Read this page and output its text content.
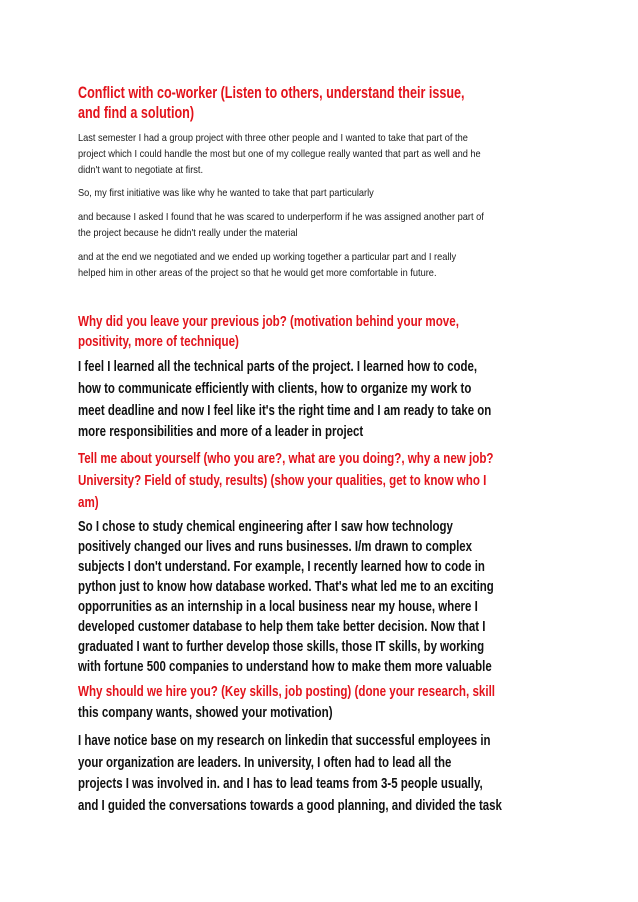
Conflict with co-worker (Listen to others, understand their issue,
and find a solution)
Last semester I had a group project with three other people and I wanted to take that part of the
project which I could handle the most but one of my collegue really wanted that part as well and he
didn't want to negotiate at first.
So, my first initiative was like why he wanted to take that part particularly
and because I asked I found that he was scared to underperform if he was assigned another part of
the project because he didn't really under the material
and at the end we negotiated and we ended up working together a particular part and I really
helped him in other areas of the project so that he would get more comfortable in future.
Why did you leave your previous job? (motivation behind your move,
positivity, more of technique)
I feel I learned all the technical parts of the project. I learned how to code,
how to communicate efficiently with clients, how to organize my work to
meet deadline and now I feel like it's the right time and I am ready to take on
more responsibilities and more of a leader in project
Tell me about yourself (who you are?, what are you doing?, why a new job?
University? Field of study, results) (show your qualities, get to know who I
am)
So I chose to study chemical engineering after I saw how technology
positively changed our lives and runs businesses. I/m drawn to complex
subjects I don't understand. For example, I recently learned how to code in
python just to know how database worked. That's what led me to an exciting
opporrunities as an internship in a local business near my house, where I
developed customer database to help them take better decision. Now that I
graduated I want to further develop those skills, those IT skills, by working
with fortune 500 companies to understand how to make them more valuable
Why should we hire you? (Key skills, job posting) (done your research, skill
this company wants, showed your motivation)
I have notice base on my research on linkedin that successful employees in
your organization are leaders. In university, I often had to lead all the
projects I was involved in. and I has to lead teams from 3-5 people usually,
and I guided the conversations towards a good planning, and divided the task
